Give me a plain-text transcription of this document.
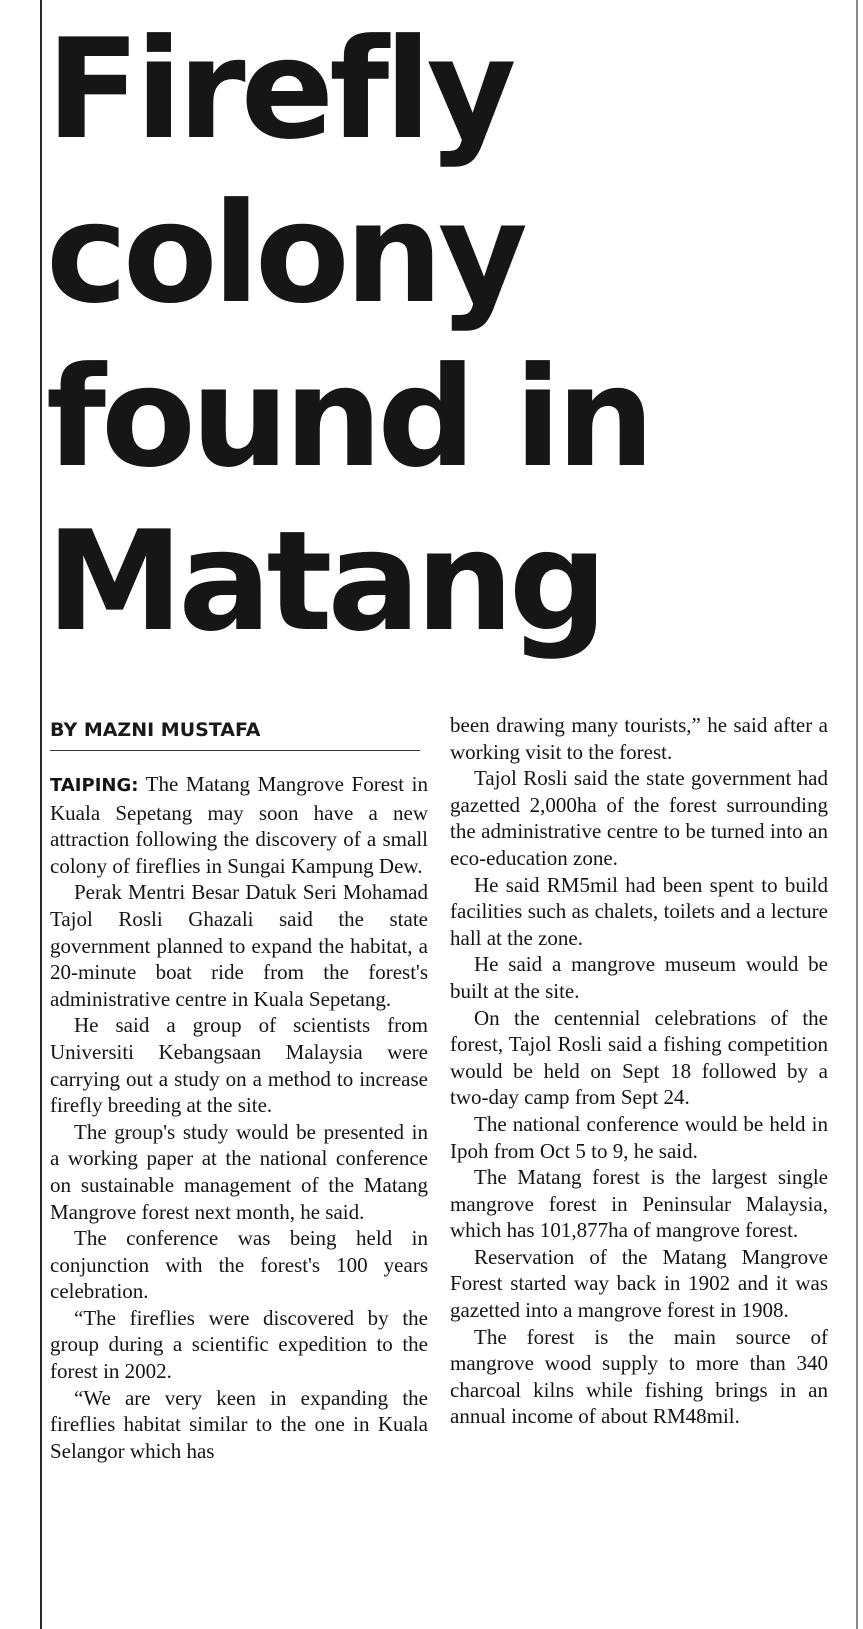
Firefly
colony
found in
Matang
BY MAZNI MUSTAFA

TAIPING: The Matang Mangrove Forest in Kuala Sepetang may soon have a new attraction following the discovery of a small colony of fireflies in Sungai Kampung Dew.

Perak Mentri Besar Datuk Seri Mohamad Tajol Rosli Ghazali said the state government planned to expand the habitat, a 20-minute boat ride from the forest's administrative centre in Kuala Sepetang.

He said a group of scientists from Universiti Kebangsaan Malaysia were carrying out a study on a method to increase firefly breeding at the site.

The group's study would be presented in a working paper at the national conference on sustainable management of the Matang Mangrove forest next month, he said.

The conference was being held in conjunction with the forest's 100 years celebration.

“The fireflies were discovered by the group during a scientific expedition to the forest in 2002.

“We are very keen in expanding the fireflies habitat similar to the one in Kuala Selangor which has

been drawing many tourists,” he said after a working visit to the forest.

Tajol Rosli said the state government had gazetted 2,000ha of the forest surrounding the administrative centre to be turned into an eco-education zone.

He said RM5mil had been spent to build facilities such as chalets, toilets and a lecture hall at the zone.

He said a mangrove museum would be built at the site.

On the centennial celebrations of the forest, Tajol Rosli said a fishing competition would be held on Sept 18 followed by a two-day camp from Sept 24.

The national conference would be held in Ipoh from Oct 5 to 9, he said.

The Matang forest is the largest single mangrove forest in Peninsular Malaysia, which has 101,877ha of mangrove forest.

Reservation of the Matang Mangrove Forest started way back in 1902 and it was gazetted into a mangrove forest in 1908.

The forest is the main source of mangrove wood supply to more than 340 charcoal kilns while fishing brings in an annual income of about RM48mil.
